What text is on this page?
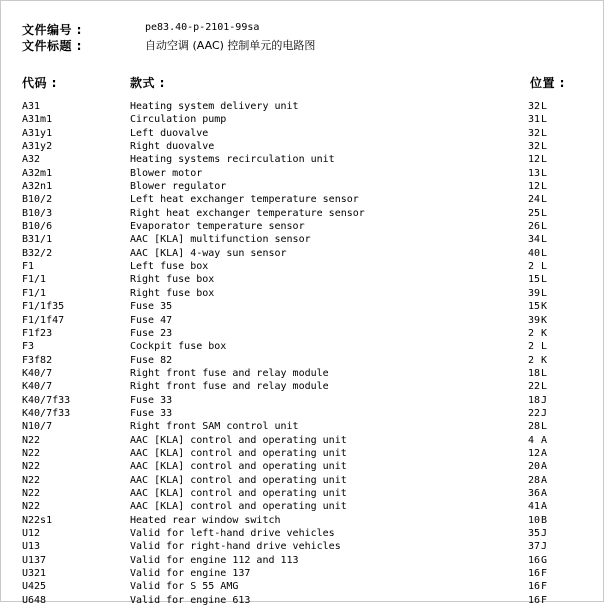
文件编号 :	pe83.40-p-2101-99sa
文件标题 :	自动空调 (AAC) 控制单元的电路图
代码 :	款式 :	位置 :
A31	Heating system delivery unit	32 L
A31m1	Circulation pump	31 L
A31y1	Left duovalve	32 L
A31y2	Right duovalve	32 L
A32	Heating systems recirculation unit	12 L
A32m1	Blower motor	13 L
A32n1	Blower regulator	12 L
B10/2	Left heat exchanger temperature sensor	24 L
B10/3	Right heat exchanger temperature sensor	25 L
B10/6	Evaporator temperature sensor	26 L
B31/1	AAC [KLA] multifunction sensor	34 L
B32/2	AAC [KLA] 4-way sun sensor	40 L
F1	Left fuse box	2 L
F1/1	Right fuse box	15 L
F1/1	Right fuse box	39 L
F1/1f35	Fuse 35	15 K
F1/1f47	Fuse 47	39 K
F1f23	Fuse 23	2 K
F3	Cockpit fuse box	2 L
F3f82	Fuse 82	2 K
K40/7	Right front fuse and relay module	18 L
K40/7	Right front fuse and relay module	22 L
K40/7f33	Fuse 33	18 J
K40/7f33	Fuse 33	22 J
N10/7	Right front SAM control unit	28 L
N22	AAC [KLA] control and operating unit	4 A
N22	AAC [KLA] control and operating unit	12 A
N22	AAC [KLA] control and operating unit	20 A
N22	AAC [KLA] control and operating unit	28 A
N22	AAC [KLA] control and operating unit	36 A
N22	AAC [KLA] control and operating unit	41 A
N22s1	Heated rear window switch	10 B
U12	Valid for left-hand drive vehicles	35 J
U13	Valid for right-hand drive vehicles	37 J
U137	Valid for engine 112 and 113	16 G
U321	Valid for engine 137	16 F
U425	Valid for S 55 AMG	16 F
U648	Valid for engine 613	16 F
